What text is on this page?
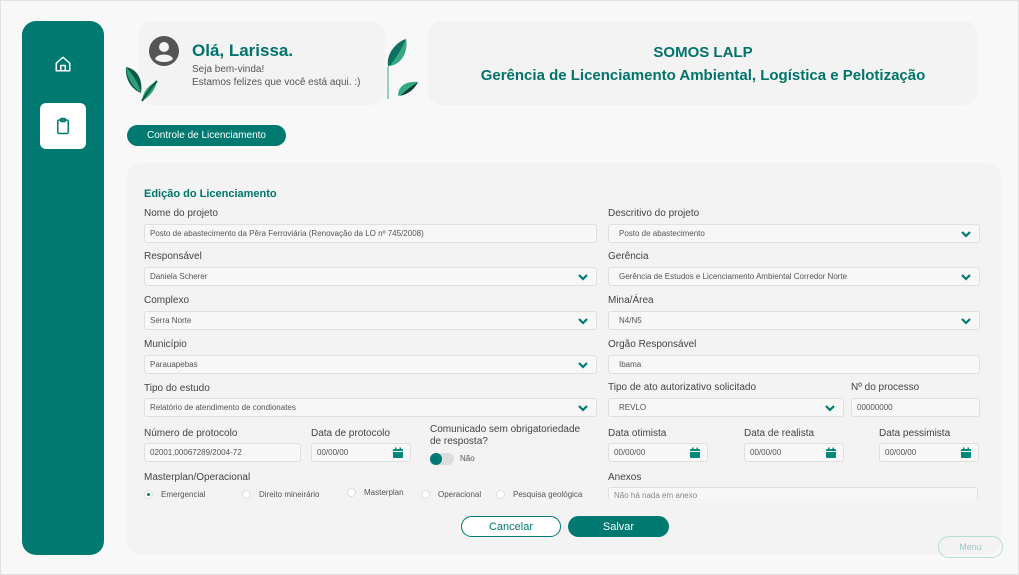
Olá, Larissa.
Seja bem-vinda!
Estamos felizes que você está aqui. :)
SOMOS LALP
Gerência de Licenciamento Ambiental, Logística e Pelotização
Controle de Licenciamento
Edição do Licenciamento
Nome do projeto
Posto de abastecimento da Pêra Ferroviária (Renovação da LO nº 745/2008)
Descritivo do projeto
Posto de abastecimento
Responsável
Daniela Scherer
Gerência
Gerência de Estudos e Licenciamento Ambiental Corredor Norte
Complexo
Serra Norte
Mina/Área
N4/N5
Município
Parauapebas
Orgão Responsável
Ibama
Tipo do estudo
Relatório de atendimento de condionates
Tipo de ato autorizativo solicitado
REVLO
Nº do processo
00000000
Número de protocolo
02001.00067289/2004-72
Data de protocolo
00/00/00
Comunicado sem obrigatoriedade
de resposta?
Não
Data otimista
00/00/00
Data de realista
00/00/00
Data pessimista
00/00/00
Masterplan/Operacional
Emergencial	Direito mineirário	Masterplan	Operacional	Pesquisa geológica
Anexos
Não há nada em anexo
Cancelar	Salvar
Menu
